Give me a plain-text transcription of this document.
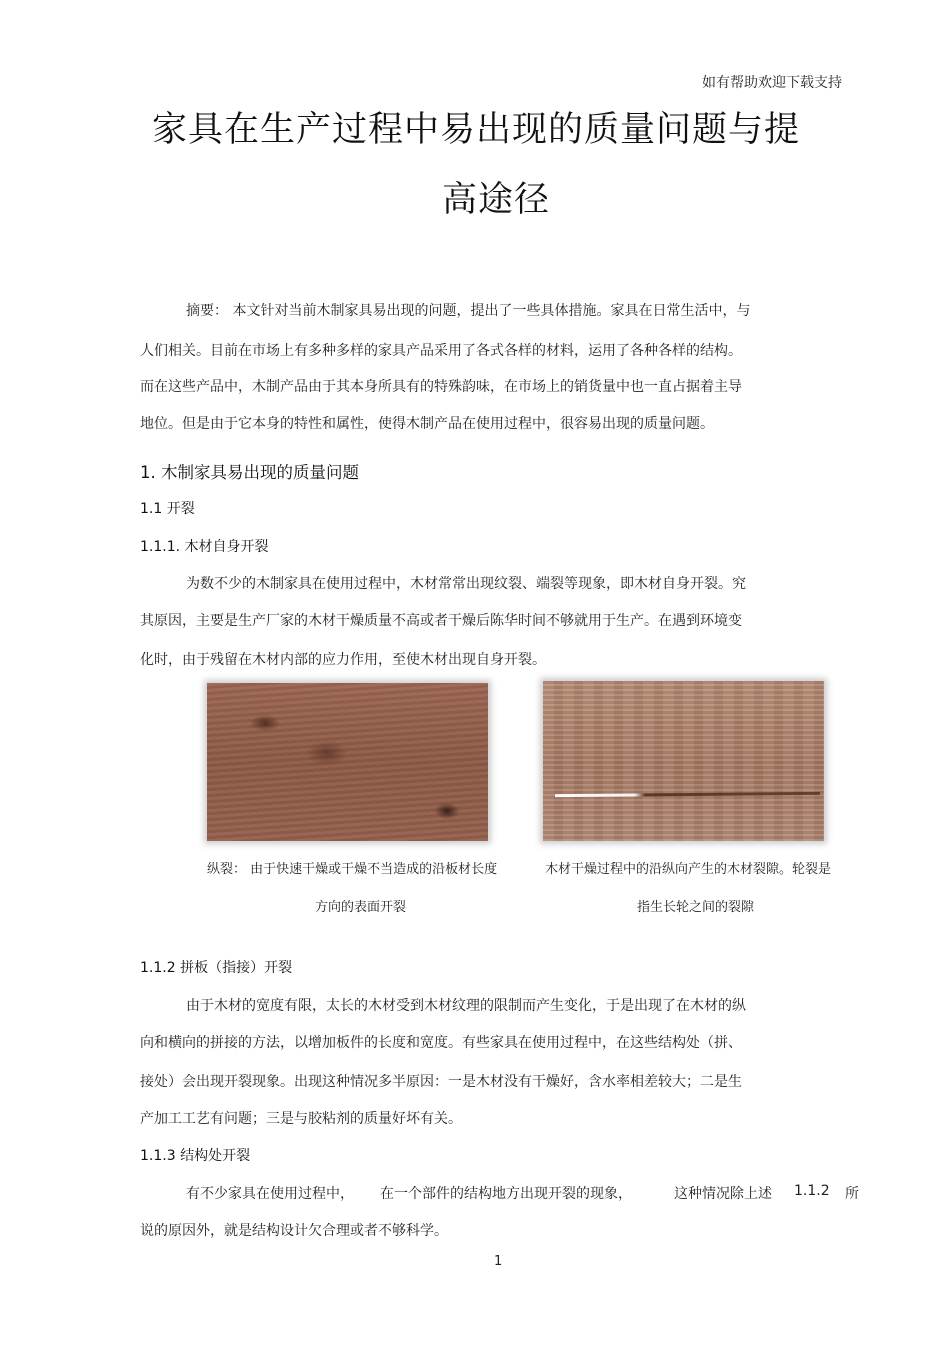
如有帮助欢迎下载支持
家具在生产过程中易出现的质量问题与提
高途径
摘要： 本文针对当前木制家具易出现的问题，提出了一些具体措施。家具在日常生活中，与
人们相关。目前在市场上有多种多样的家具产品采用了各式各样的材料，运用了各种各样的结构。
而在这些产品中，木制产品由于其本身所具有的特殊韵味，在市场上的销货量中也一直占据着主导
地位。但是由于它本身的特性和属性，使得木制产品在使用过程中，很容易出现的质量问题。
1. 木制家具易出现的质量问题
1.1 开裂
1.1.1. 木材自身开裂
为数不少的木制家具在使用过程中，木材常常出现纹裂、端裂等现象，即木材自身开裂。究
其原因，主要是生产厂家的木材干燥质量不高或者干燥后陈华时间不够就用于生产。在遇到环境变
化时，由于残留在木材内部的应力作用，至使木材出现自身开裂。
纵裂： 由于快速干燥或干燥不当造成的沿板材长度
方向的表面开裂
木材干燥过程中的沿纵向产生的木材裂隙。轮裂是
指生长轮之间的裂隙
1.1.2 拼板（指接）开裂
由于木材的宽度有限，太长的木材受到木材纹理的限制而产生变化，于是出现了在木材的纵
向和横向的拼接的方法，以增加板件的长度和宽度。有些家具在使用过程中，在这些结构处（拼、
接处）会出现开裂现象。出现这种情况多半原因：一是木材没有干燥好，含水率相差较大；二是生
产加工工艺有问题；三是与胶粘剂的质量好坏有关。
1.1.3 结构处开裂
有不少家具在使用过程中， 在一个部件的结构地方出现开裂的现象，	这种情况除上述 1.1.2 所
说的原因外，就是结构设计欠合理或者不够科学。
1
